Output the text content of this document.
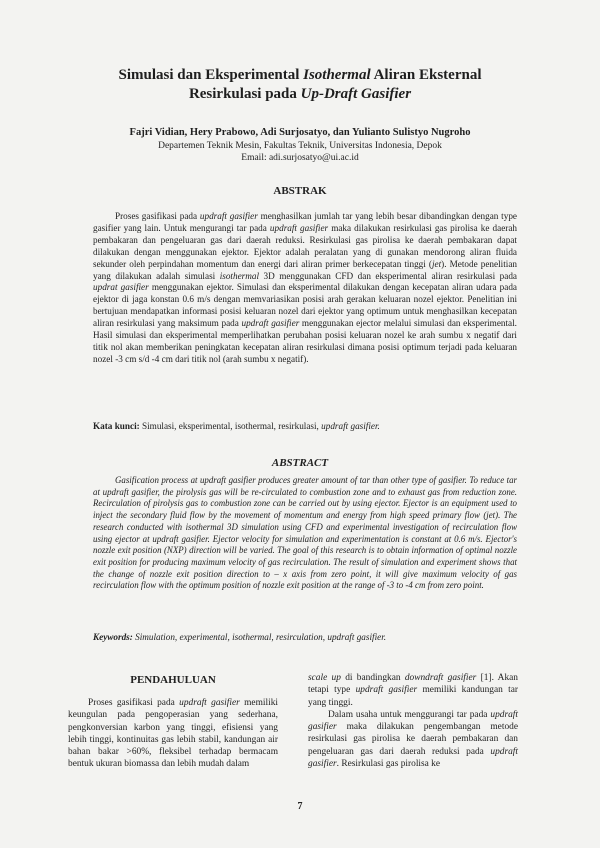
Simulasi dan Eksperimental Isothermal Aliran Eksternal
Resirkulasi pada Up-Draft Gasifier
Fajri Vidian, Hery Prabowo, Adi Surjosatyo, dan Yulianto Sulistyo Nugroho
Departemen Teknik Mesin, Fakultas Teknik, Universitas Indonesia, Depok
Email: adi.surjosatyo@ui.ac.id
ABSTRAK

Proses gasifikasi pada updraft gasifier menghasilkan jumlah tar yang lebih besar dibandingkan dengan type gasifier yang lain. Untuk mengurangi tar pada updraft gasifier maka dilakukan resirkulasi gas pirolisa ke daerah pembakaran dan pengeluaran gas dari daerah reduksi. Resirkulasi gas pirolisa ke daerah pembakaran dapat dilakukan dengan menggunakan ejektor. Ejektor adalah peralatan yang di gunakan mendorong aliran fluida sekunder oleh perpindahan momentum dan energi dari aliran primer berkecepatan tinggi (jet). Metode penelitian yang dilakukan adalah simulasi isothermal 3D menggunakan CFD dan eksperimental aliran resirkulasi pada updrat gasifier menggunakan ejektor. Simulasi dan eksperimental dilakukan dengan kecepatan aliran udara pada ejektor di jaga konstan 0.6 m/s dengan memvariasikan posisi arah gerakan keluaran nozel ejektor. Penelitian ini bertujuan mendapatkan informasi posisi keluaran nozel dari ejektor yang optimum untuk menghasilkan kecepatan aliran resirkulasi yang maksimum pada updraft gasifier menggunakan ejector melalui simulasi dan eksperimental. Hasil simulasi dan eksperimental memperlihatkan perubahan posisi keluaran nozel ke arah sumbu x negatif dari titik nol akan memberikan peningkatan kecepatan aliran resirkulasi dimana posisi optimum terjadi pada keluaran nozel -3 cm s/d -4 cm dari titik nol (arah sumbu x negatif).

Kata kunci: Simulasi, eksperimental, isothermal, resirkulasi, updraft gasifier.
ABSTRACT

Gasification process at updraft gasifier produces greater amount of tar than other type of gasifier. To reduce tar at updraft gasifier, the pirolysis gas will be re-circulated to combustion zone and to exhaust gas from reduction zone. Recirculation of pirolysis gas to combustion zone can be carried out by using ejector. Ejector is an equipment used to inject the secondary fluid flow by the movement of momentum and energy from high speed primary flow (jet). The research conducted with isothermal 3D simulation using CFD and experimental investigation of recirculation flow using ejector at updraft gasifier. Ejector velocity for simulation and experimentation is constant at 0.6 m/s. Ejector's nozzle exit position (NXP) direction will be varied. The goal of this research is to obtain information of optimal nozzle exit position for producing maximum velocity of gas recirculation. The result of simulation and experiment shows that the change of nozzle exit position direction to – x axis from zero point, it will give maximum velocity of gas recirculation flow with the optimum position of nozzle exit position at the range of -3 to -4 cm from zero point.

Keywords: Simulation, experimental, isothermal, resirculation, updraft gasifier.
PENDAHULUAN

Proses gasifikasi pada updraft gasifier memiliki keungulan pada pengoperasian yang sederhana, pengkonversian karbon yang tinggi, efisiensi yang lebih tinggi, kontinuitas gas lebih stabil, kandungan air bahan bakar >60%, fleksibel terhadap bermacam bentuk ukuran biomassa dan lebih mudah dalam

scale up di bandingkan downdraft gasifier [1]. Akan tetapi type updraft gasifier memiliki kandungan tar yang tinggi.

Dalam usaha untuk menggurangi tar pada updraft gasifier maka dilakukan pengembangan metode resirkulasi gas pirolisa ke daerah pembakaran dan pengeluaran gas dari daerah reduksi pada updraft gasifier. Resirkulasi gas pirolisa ke

7
